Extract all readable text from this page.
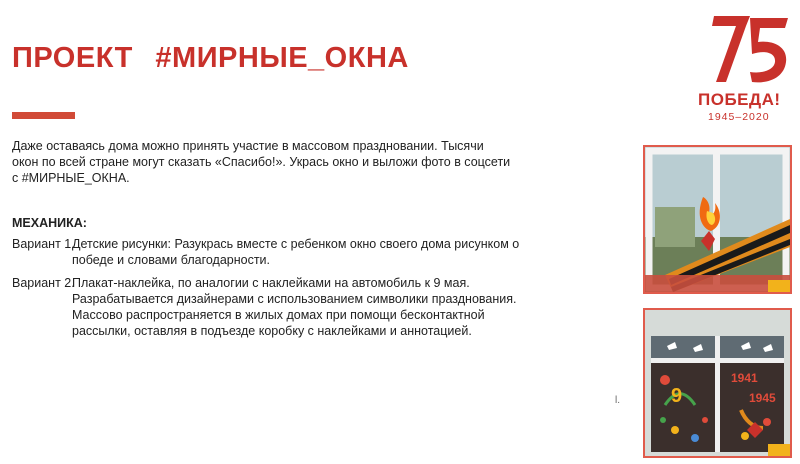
ПРОЕКТ #МИРНЫЕ_ОКНА
Даже оставаясь дома можно принять участие в массовом праздновании. Тысячи окон по всей стране могут сказать «Спасибо!». Укрась окно и выложи фото в соцсети с #МИРНЫЕ_ОКНА.
МЕХАНИКА:
Вариант 1.
Детские рисунки: Разукрась вместе с ребенком окно своего дома рисунком о победе и словами благодарности.
Вариант 2.
Плакат-наклейка, по аналогии с наклейками на автомобиль к 9 мая. Разрабатывается дизайнерами с использованием символики празднования. Массово распространяется в жилых домах при помощи бесконтактной рассылки, оставляя в подъезде коробку с наклейками и аннотацией.
l.
ПОБЕДА!
1945–2020
9
1941
1945
